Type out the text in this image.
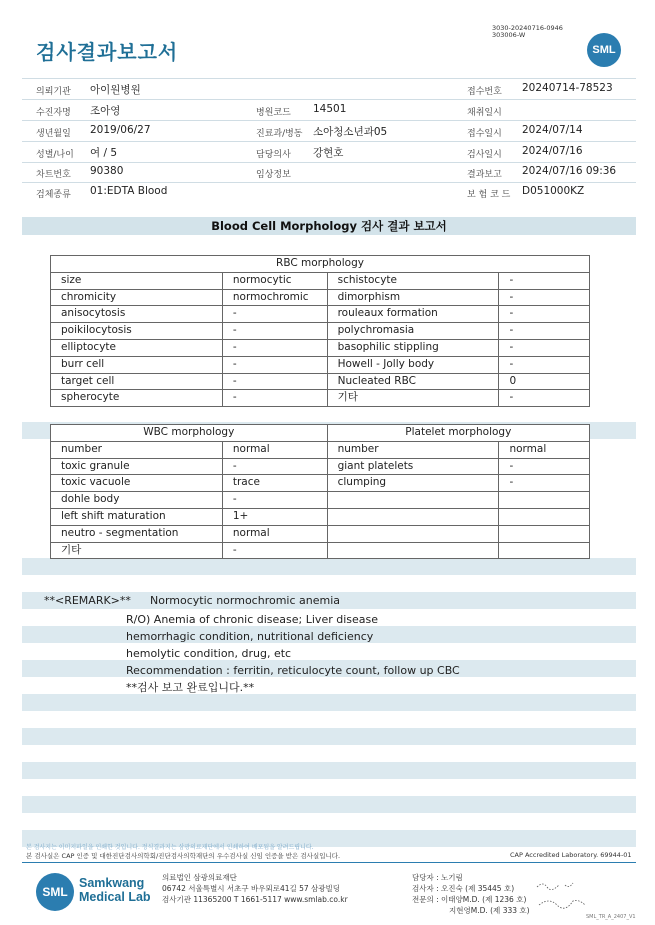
검사결과보고서
3030-20240716-0946
303006-W
SML
의뢰기관 아이원병원	접수번호 20240714-78523
수진자명 조아영	병원코드 14501	채취일시
생년월일 2019/06/27	진료과/병동 소아청소년과05	접수일시 2024/07/14
성별/나이 여 / 5	담당의사 강현호	검사일시 2024/07/16
차트번호 90380	임상정보	결과보고 2024/07/16 09:36
검체종류 01:EDTA Blood	보 험 코 드 D051000KZ
Blood Cell Morphology 검사 결과 보고서
RBC morphology			
size	normocytic	schistocyte	-
chromicity	normochromic	dimorphism	-
anisocytosis	-	rouleaux formation	-
poikilocytosis	-	polychromasia	-
elliptocyte	-	basophilic stippling	-
burr cell	-	Howell - Jolly body	-
target cell	-	Nucleated RBC	0
spherocyte	-	기타	-
WBC morphology		Platelet morphology	
number	normal	number	normal
toxic granule	-	giant platelets	-
toxic vacuole	trace	clumping	-
dohle body	-		
left shift maturation	1+		
neutro - segmentation	normal		
기타	-		
**<REMARK>** Normocytic normochromic anemia
R/O) Anemia of chronic disease; Liver disease
hemorrhagic condition, nutritional deficiency
hemolytic condition, drug, etc
Recommendation : ferritin, reticulocyte count, follow up CBC
**검사 보고 완료입니다.**
본 검사지는 이미지파일을 인쇄한 것입니다. 정식결과지는 삼광의료재단에서 인쇄하여 배포됨을 알려드립니다.
본 검사실은 CAP 인증 및 대한진단검사의학회/진단검사의학재단의 우수검사실 신임 인증을 받은 검사실입니다.	CAP Accredited Laboratory. 69944-01
SML
Samkwang
Medical Lab
의료법인 삼광의료재단
06742 서울특별시 서초구 바우뫼로41길 57 삼광빌딩
검사기관 11365200 T 1661-5117 www.smlab.co.kr
담당자 : 노기림
검사자 : 오진숙 (제 35445 호)
전문의 : 이태양M.D. (제 1236 호)
지현영M.D. (제 333 호)
SML_TR_A_2407_V1
